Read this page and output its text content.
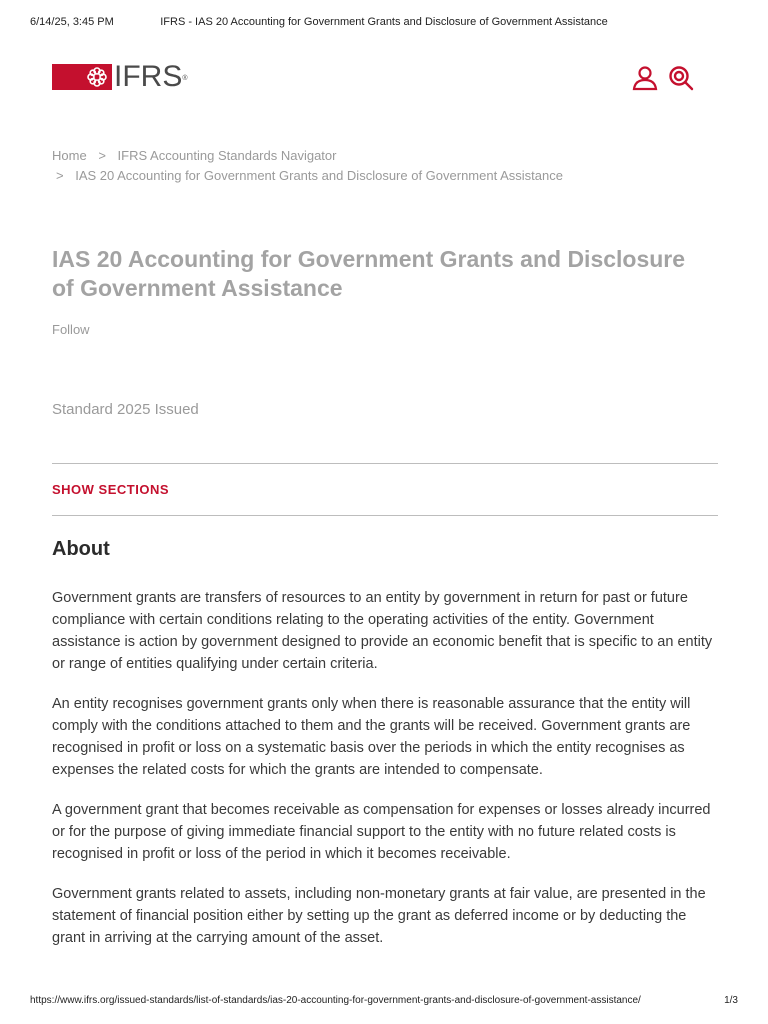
6/14/25, 3:45 PM	IFRS - IAS 20 Accounting for Government Grants and Disclosure of Government Assistance
IFRS®
Home > IFRS Accounting Standards Navigator
> IAS 20 Accounting for Government Grants and Disclosure of Government Assistance
IAS 20 Accounting for Government Grants and Disclosure of Government Assistance
Follow
Standard 2025 Issued
SHOW SECTIONS
About

Government grants are transfers of resources to an entity by government in return for past or future compliance with certain conditions relating to the operating activities of the entity. Government assistance is action by government designed to provide an economic benefit that is specific to an entity or range of entities qualifying under certain criteria.

An entity recognises government grants only when there is reasonable assurance that the entity will comply with the conditions attached to them and the grants will be received. Government grants are recognised in profit or loss on a systematic basis over the periods in which the entity recognises as expenses the related costs for which the grants are intended to compensate.

A government grant that becomes receivable as compensation for expenses or losses already incurred or for the purpose of giving immediate financial support to the entity with no future related costs is recognised in profit or loss of the period in which it becomes receivable.

Government grants related to assets, including non-monetary grants at fair value, are presented in the statement of financial position either by setting up the grant as deferred income or by deducting the grant in arriving at the carrying amount of the asset.

https://www.ifrs.org/issued-standards/list-of-standards/ias-20-accounting-for-government-grants-and-disclosure-of-government-assistance/	1/3
